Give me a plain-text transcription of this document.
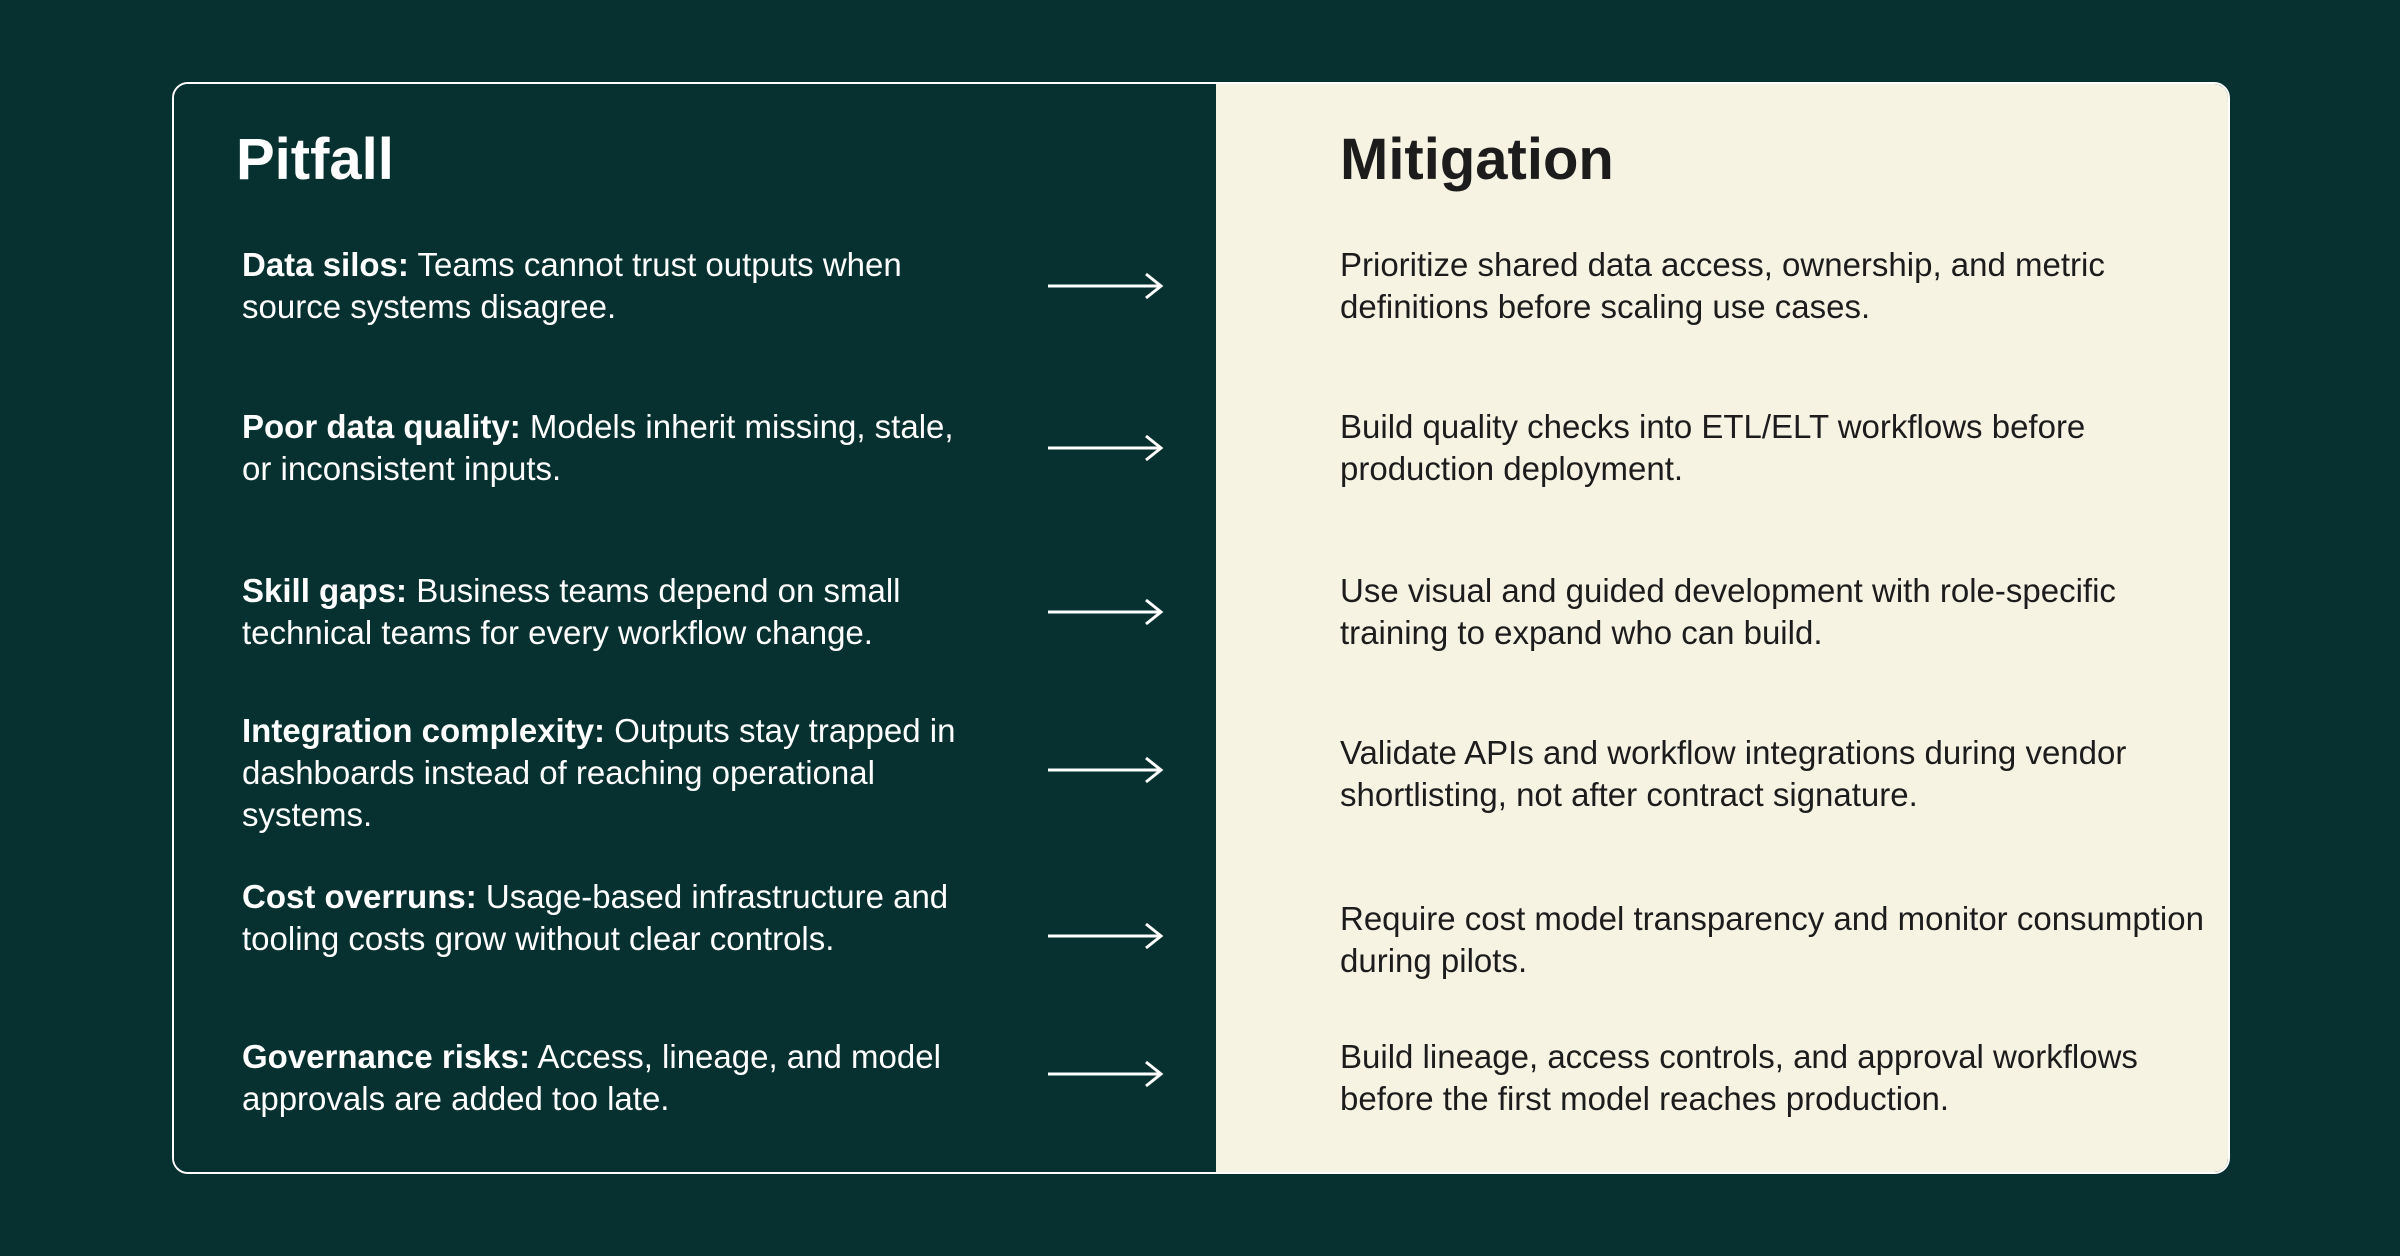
Pitfall	Mitigation
Data silos: Teams cannot trust outputs when source systems disagree.
Prioritize shared data access, ownership, and metric definitions before scaling use cases.
Poor data quality: Models inherit missing, stale, or inconsistent inputs.
Build quality checks into ETL/ELT workflows before production deployment.
Skill gaps: Business teams depend on small technical teams for every workflow change.
Use visual and guided development with role-specific training to expand who can build.
Integration complexity: Outputs stay trapped in dashboards instead of reaching operational systems.
Validate APIs and workflow integrations during vendor shortlisting, not after contract signature.
Cost overruns: Usage-based infrastructure and tooling costs grow without clear controls.
Require cost model transparency and monitor consumption during pilots.
Governance risks: Access, lineage, and model approvals are added too late.
Build lineage, access controls, and approval workflows before the first model reaches production.
